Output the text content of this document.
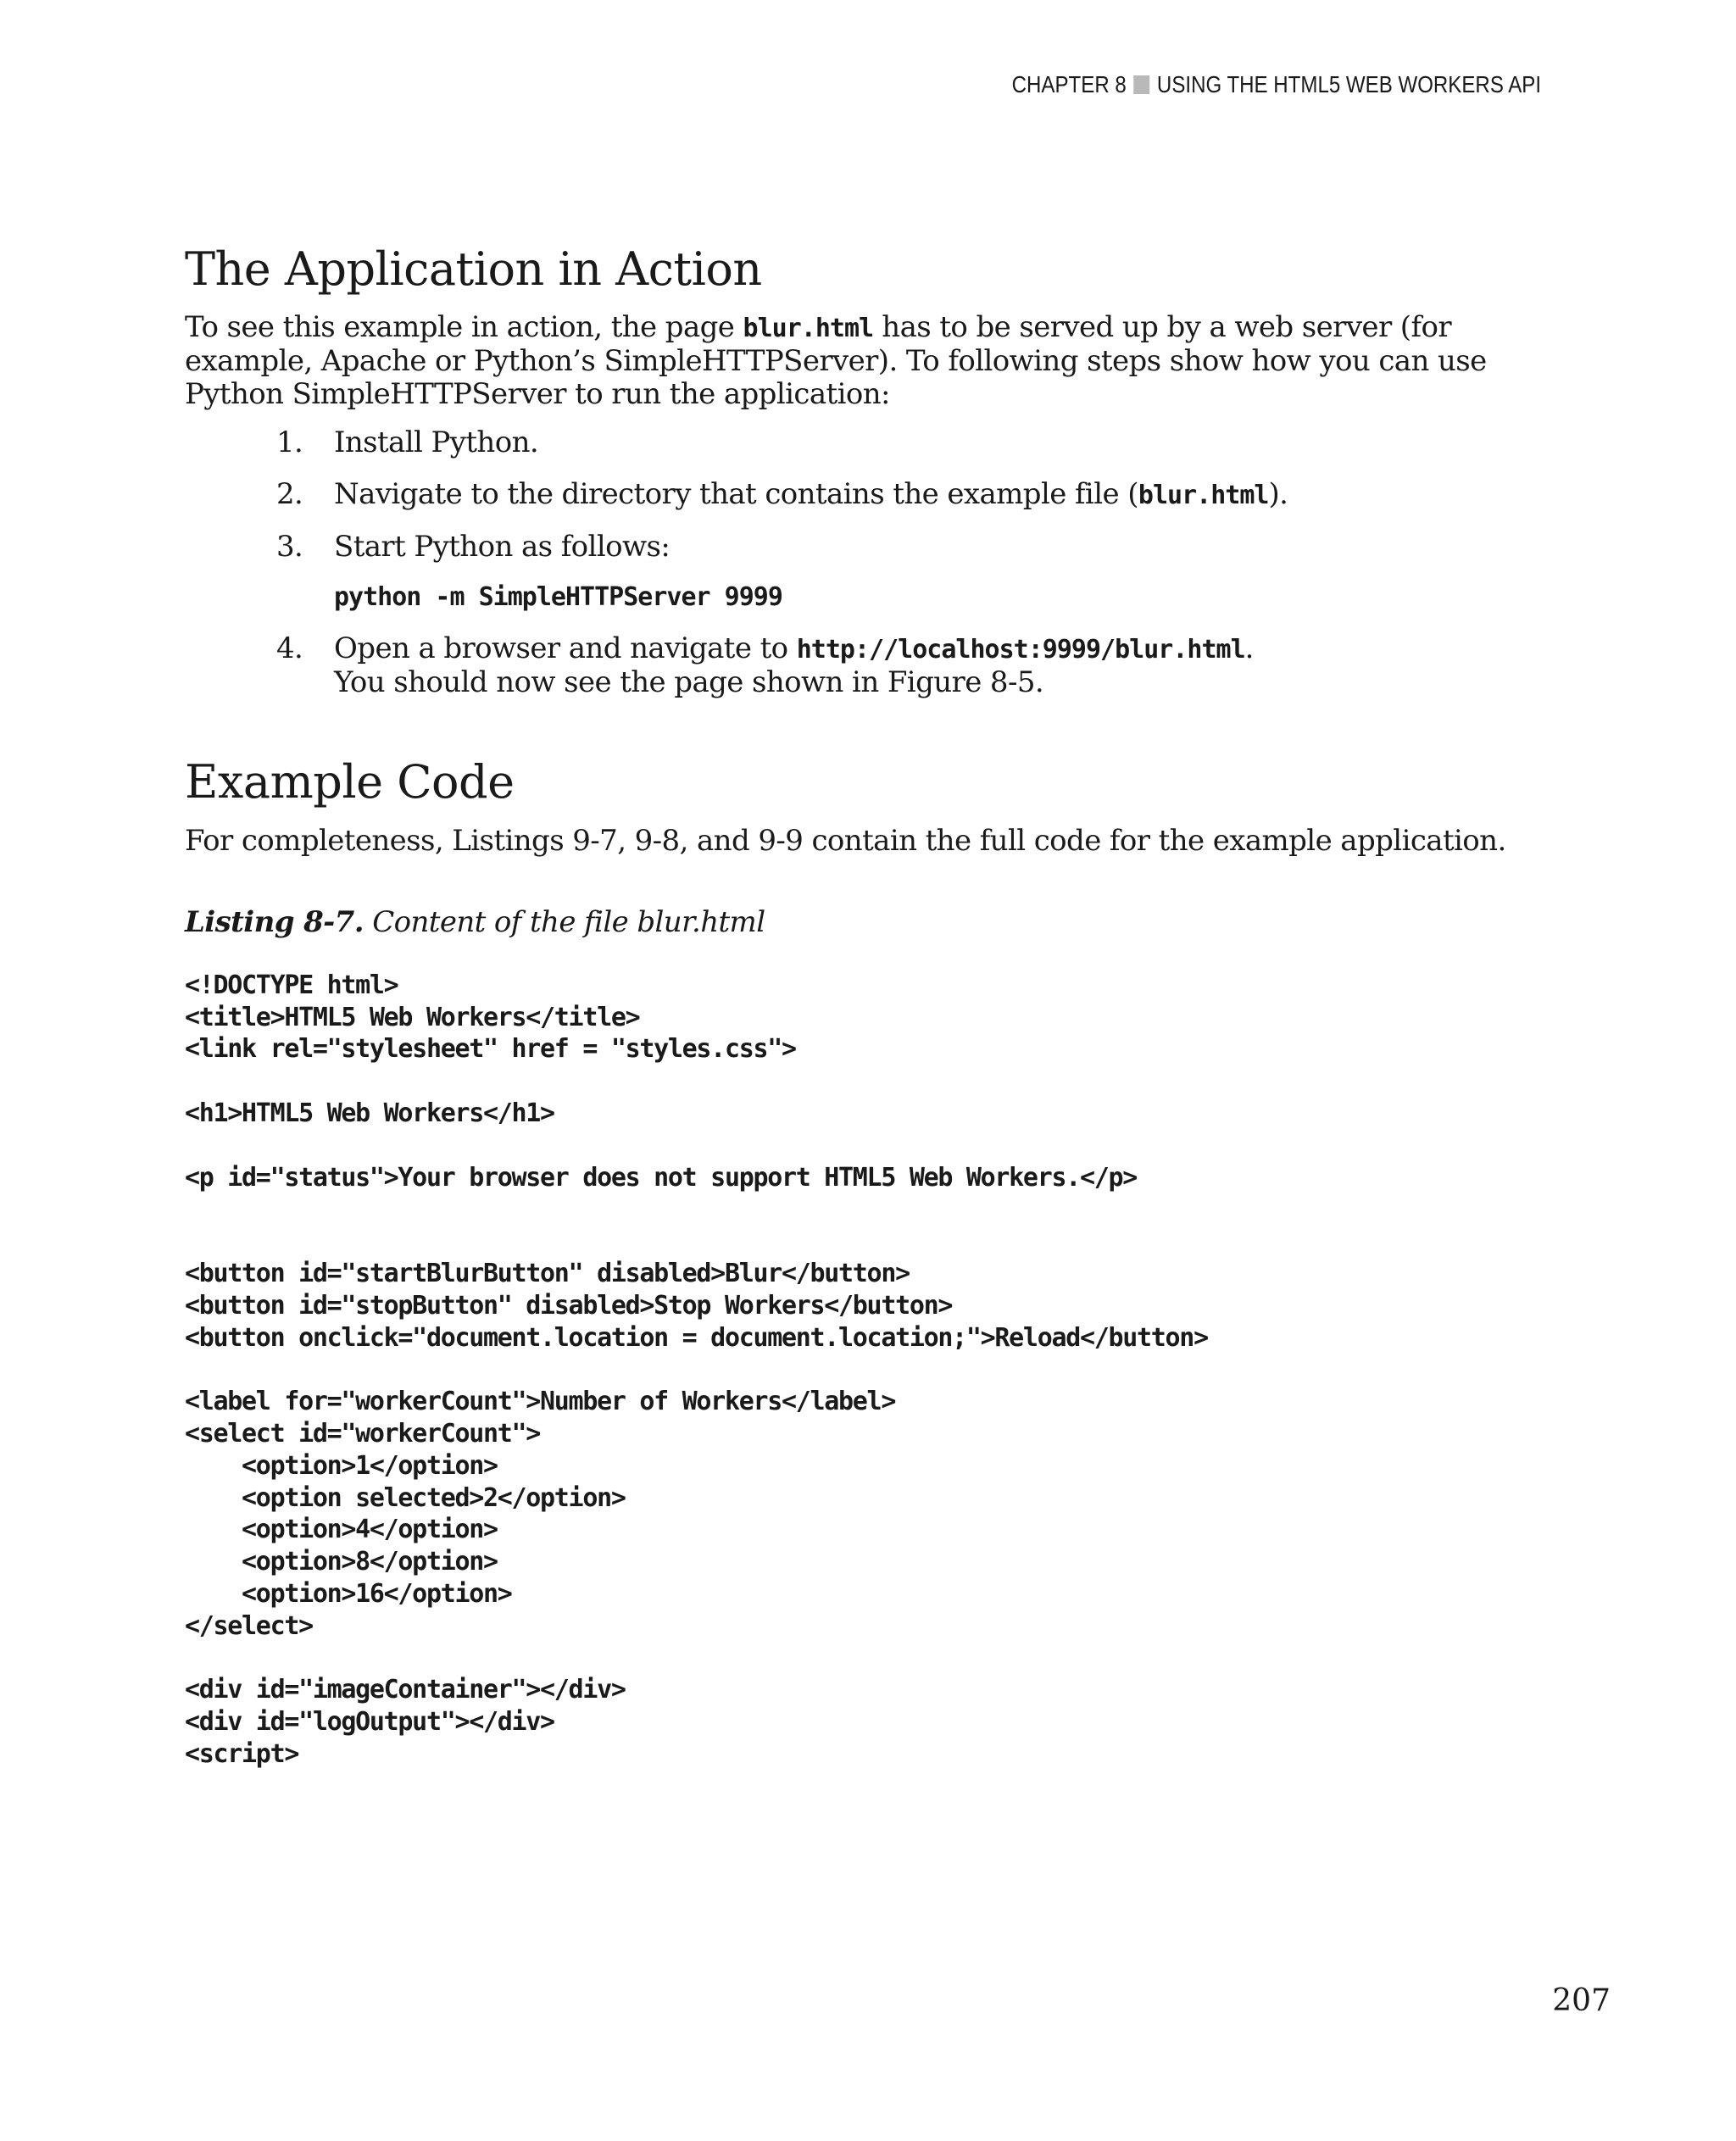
CHAPTER 8 USING THE HTML5 WEB WORKERS API
The Application in Action

To see this example in action, the page blur.html has to be served up by a web server (for example, Apache or Python’s SimpleHTTPServer). To following steps show how you can use Python SimpleHTTPServer to run the application:

1.	Install Python.
2.	Navigate to the directory that contains the example file (blur.html).
3.	Start Python as follows:
python -m SimpleHTTPServer 9999
4.	Open a browser and navigate to http://localhost:9999/blur.html. You should now see the page shown in Figure 8-5.
Example Code

For completeness, Listings 9-7, 9-8, and 9-9 contain the full code for the example application.

Listing 8-7. Content of the file blur.html
<!DOCTYPE html>
<title>HTML5 Web Workers</title>
<link rel="stylesheet" href = "styles.css">

<h1>HTML5 Web Workers</h1>

<p id="status">Your browser does not support HTML5 Web Workers.</p>

<button id="startBlurButton" disabled>Blur</button>
<button id="stopButton" disabled>Stop Workers</button>
<button onclick="document.location = document.location;">Reload</button>

<label for="workerCount">Number of Workers</label>
<select id="workerCount">
<option>1</option>
<option selected>2</option>
<option>4</option>
<option>8</option>
<option>16</option>
</select>

<div id="imageContainer"></div>
<div id="logOutput"></div>
<script>
207
